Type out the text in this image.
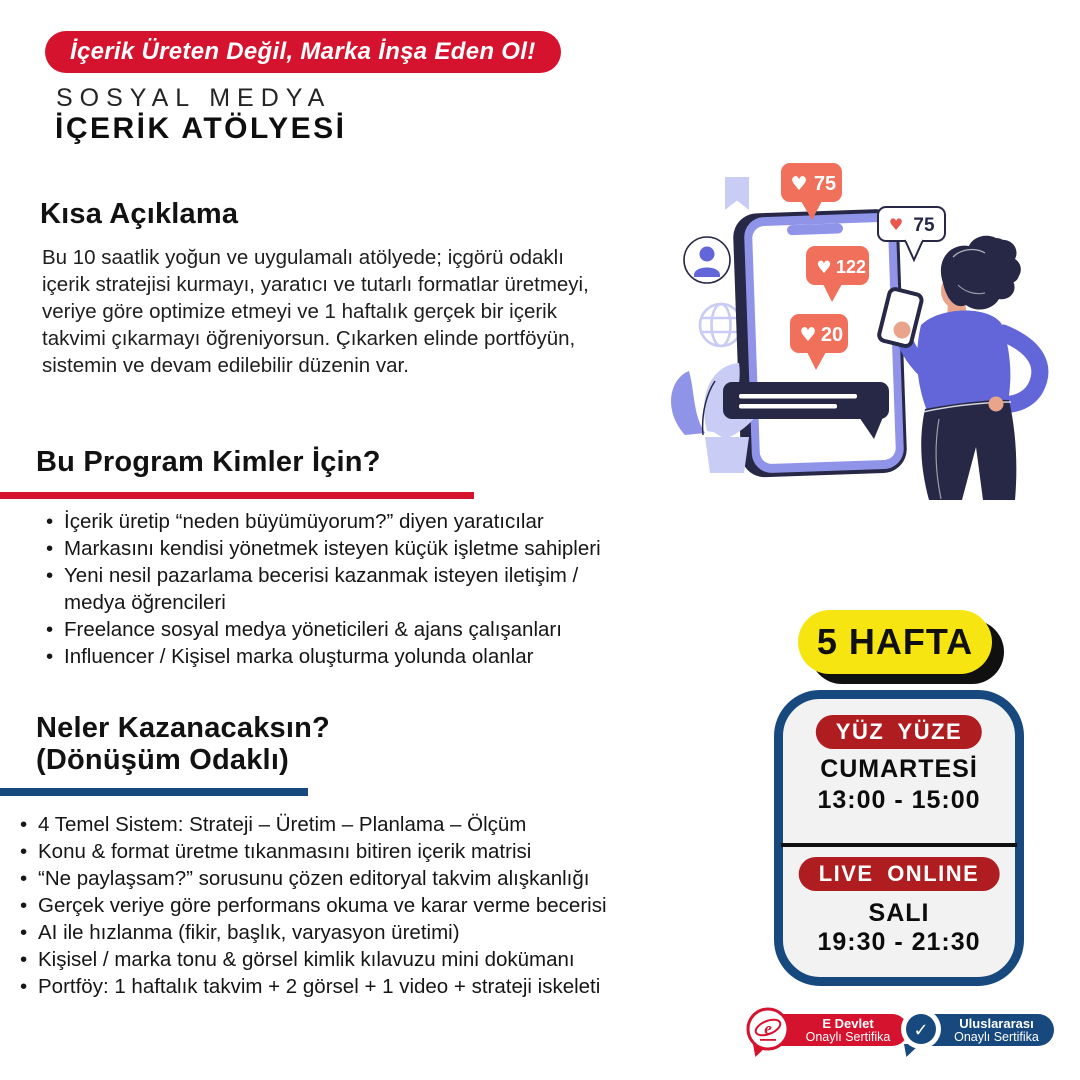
İçerik Üreten Değil, Marka İnşa Eden Ol!
SOSYAL MEDYA
İÇERİK ATÖLYESİ
Kısa Açıklama

Bu 10 saatlik yoğun ve uygulamalı atölyede; içgörü odaklı içerik stratejisi kurmayı, yaratıcı ve tutarlı formatlar üretmeyi, veriye göre optimize etmeyi ve 1 haftalık gerçek bir içerik takvimi çıkarmayı öğreniyorsun. Çıkarken elinde portföyün, sistemin ve devam edilebilir düzenin var.

♥ 75
♥ 122
♥ 20
♥ 75
Bu Program Kimler İçin?
• İçerik üretip “neden büyümüyorum?” diyen yaratıcılar
• Markasını kendisi yönetmek isteyen küçük işletme sahipleri
• Yeni nesil pazarlama becerisi kazanmak isteyen iletişim / medya öğrencileri
• Freelance sosyal medya yöneticileri & ajans çalışanları
• Influencer / Kişisel marka oluşturma yolunda olanlar
Neler Kazanacaksın?
(Dönüşüm Odaklı)
• 4 Temel Sistem: Strateji – Üretim – Planlama – Ölçüm
• Konu & format üretme tıkanmasını bitiren içerik matrisi
• “Ne paylaşsam?” sorusunu çözen editoryal takvim alışkanlığı
• Gerçek veriye göre performans okuma ve karar verme becerisi
• AI ile hızlanma (fikir, başlık, varyasyon üretimi)
• Kişisel / marka tonu & görsel kimlik kılavuzu mini dokümanı
• Portföy: 1 haftalık takvim + 2 görsel + 1 video + strateji iskeleti
5 HAFTA
YÜZ YÜZE
CUMARTESİ
13:00 - 15:00
LIVE ONLINE
SALI
19:30 - 21:30
E Devlet
Onaylı Sertifika
e	Uluslararası
Onaylı Sertifika
✓
